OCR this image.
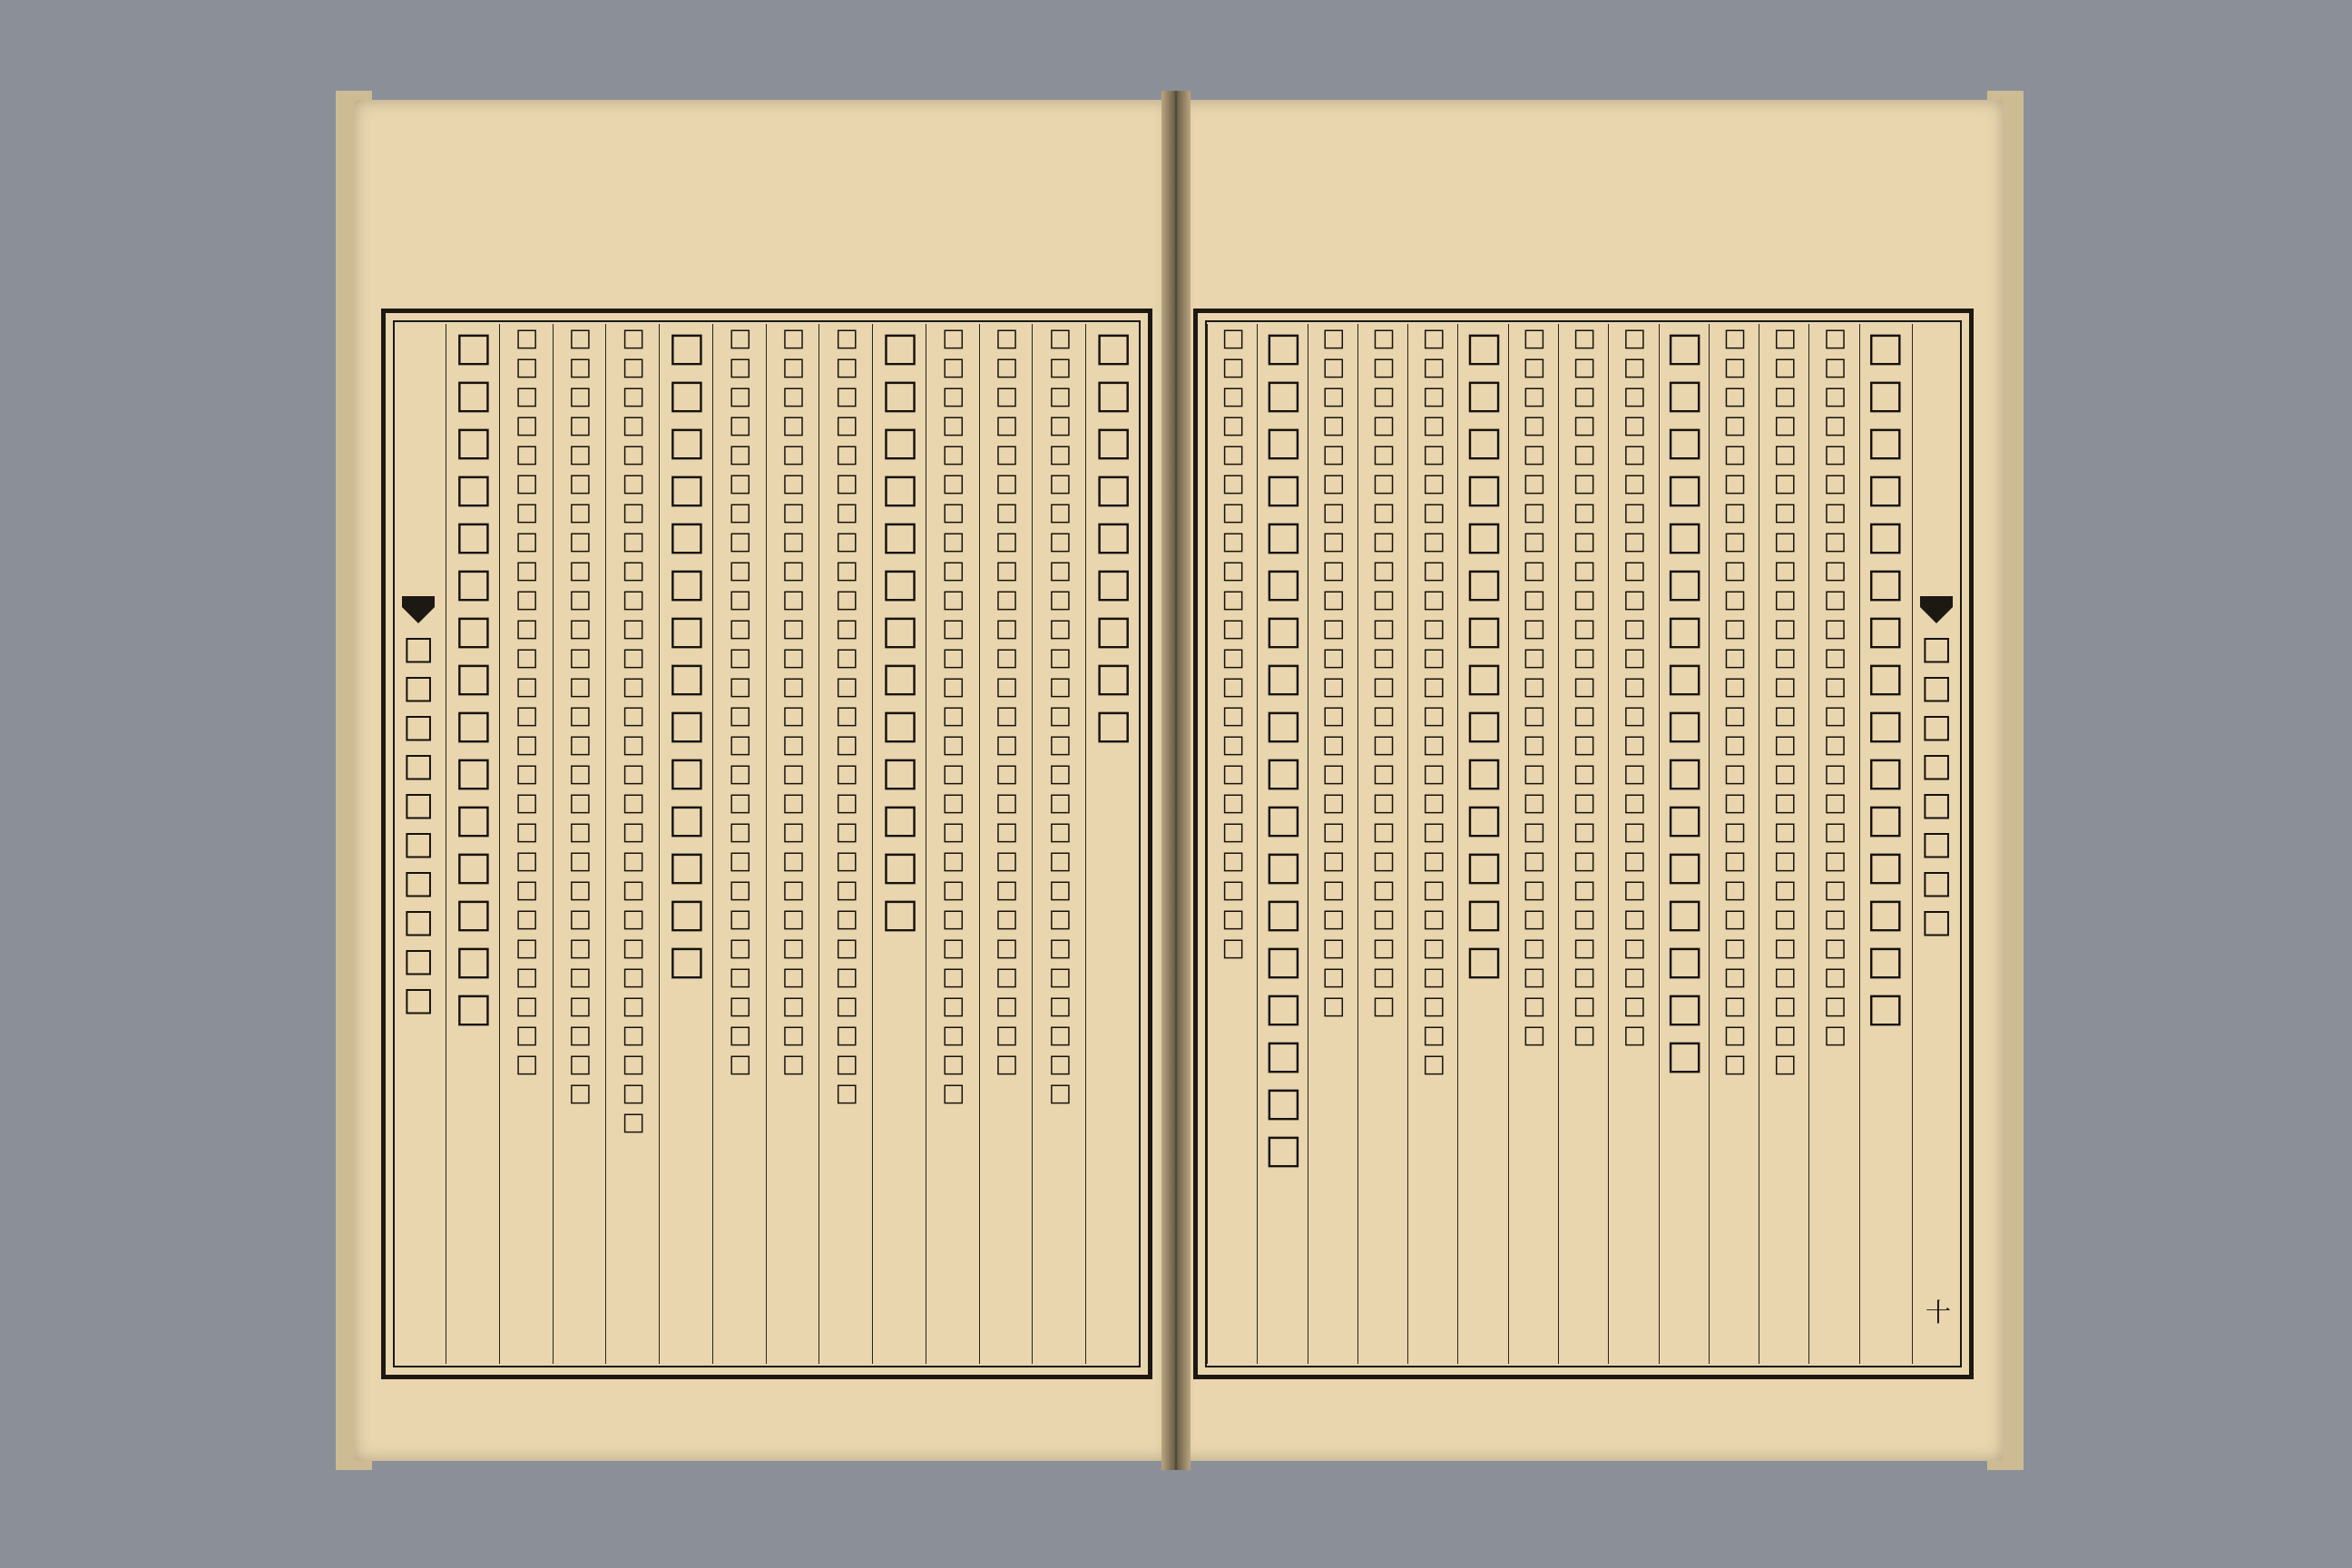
□□□□□□□□□□
□□□□□□□□□
□□□□□□□□□□□□□□□□□□□□□□□□□□□
□□□□□□□□□□□□□□□□□□□□□□□□□□
□□□□□□□□□□□□□□□□□□□□□□□□□□□
□□□□□□□□□□□□□
□□□□□□□□□□□□□□□□□□□□□□□□□□□
□□□□□□□□□□□□□□□□□□□□□□□□□□
□□□□□□□□□□□□□□□□□□□□□□□□□□
□□□□□□□□□□□□□□
□□□□□□□□□□□□□□□□□□□□□□□□□□□□
□□□□□□□□□□□□□□□□□□□□□□□□□□□
□□□□□□□□□□□□□□□□□□□□□□□□□□
□□□□□□□□□□□□□□□	□□□□□□□□
十
□□□□□□□□□□□□□□□
□□□□□□□□□□□□□□□□□□□□□□□□□
□□□□□□□□□□□□□□□□□□□□□□□□□□
□□□□□□□□□□□□□□□□□□□□□□□□□□
□□□□□□□□□□□□□□□□
□□□□□□□□□□□□□□□□□□□□□□□□□
□□□□□□□□□□□□□□□□□□□□□□□□□
□□□□□□□□□□□□□□□□□□□□□□□□□
□□□□□□□□□□□□□□
□□□□□□□□□□□□□□□□□□□□□□□□□□
□□□□□□□□□□□□□□□□□□□□□□□□
□□□□□□□□□□□□□□□□□□□□□□□□
□□□□□□□□□□□□□□□□□□
□□□□□□□□□□□□□□□□□□□□□□
